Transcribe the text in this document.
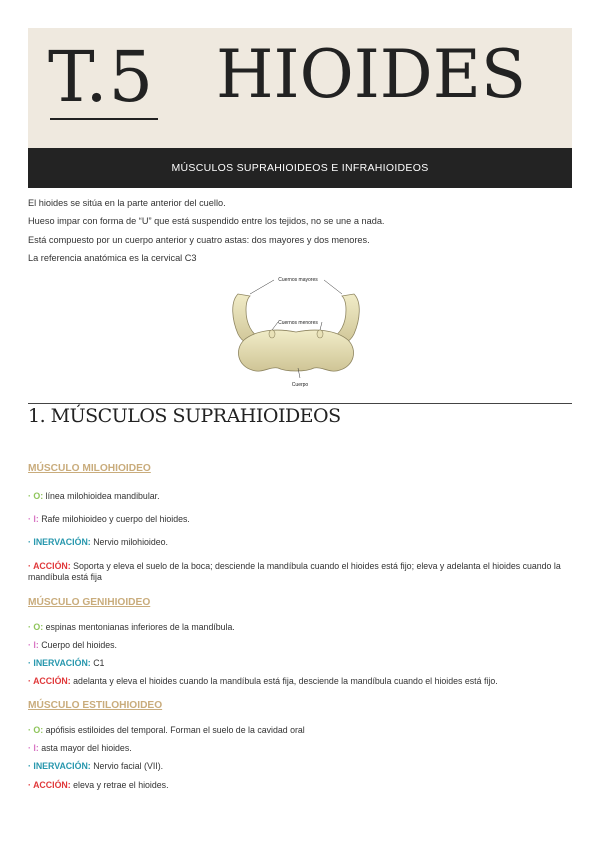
T.5 HIOIDES
MÚSCULOS SUPRAHIOIDEOS E INFRAHIOIDEOS

El hioides se sitúa en la parte anterior del cuello.

Hueso impar con forma de “U” que está suspendido entre los tejidos, no se une a nada.

Está compuesto por un cuerpo anterior y cuatro astas: dos mayores y dos menores.

La referencia anatómica es la cervical C3

Cuernos mayores
Cuernos menores
Cuerpo
1. MÚSCULOS SUPRAHIOIDEOS
MÚSCULO MILOHIOIDEO
· O: línea milohioidea mandibular.
· I: Rafe milohioideo y cuerpo del hioides.
· INERVACIÓN: Nervio milohioideo.
· ACCIÓN: Soporta y eleva el suelo de la boca; desciende la mandíbula cuando el hioides está fijo; eleva y adelanta el hioides cuando la mandíbula está fija
MÚSCULO GENIHIOIDEO
· O: espinas mentonianas inferiores de la mandíbula.
· I: Cuerpo del hioides.
· INERVACIÓN: C1
· ACCIÓN: adelanta y eleva el hioides cuando la mandíbula está fija, desciende la mandíbula cuando el hioides está fijo.
MÚSCULO ESTILOHIOIDEO
· O: apófisis estiloides del temporal. Forman el suelo de la cavidad oral
· I: asta mayor del hioides.
· INERVACIÓN: Nervio facial (VII).
· ACCIÓN: eleva y retrae el hioides.
